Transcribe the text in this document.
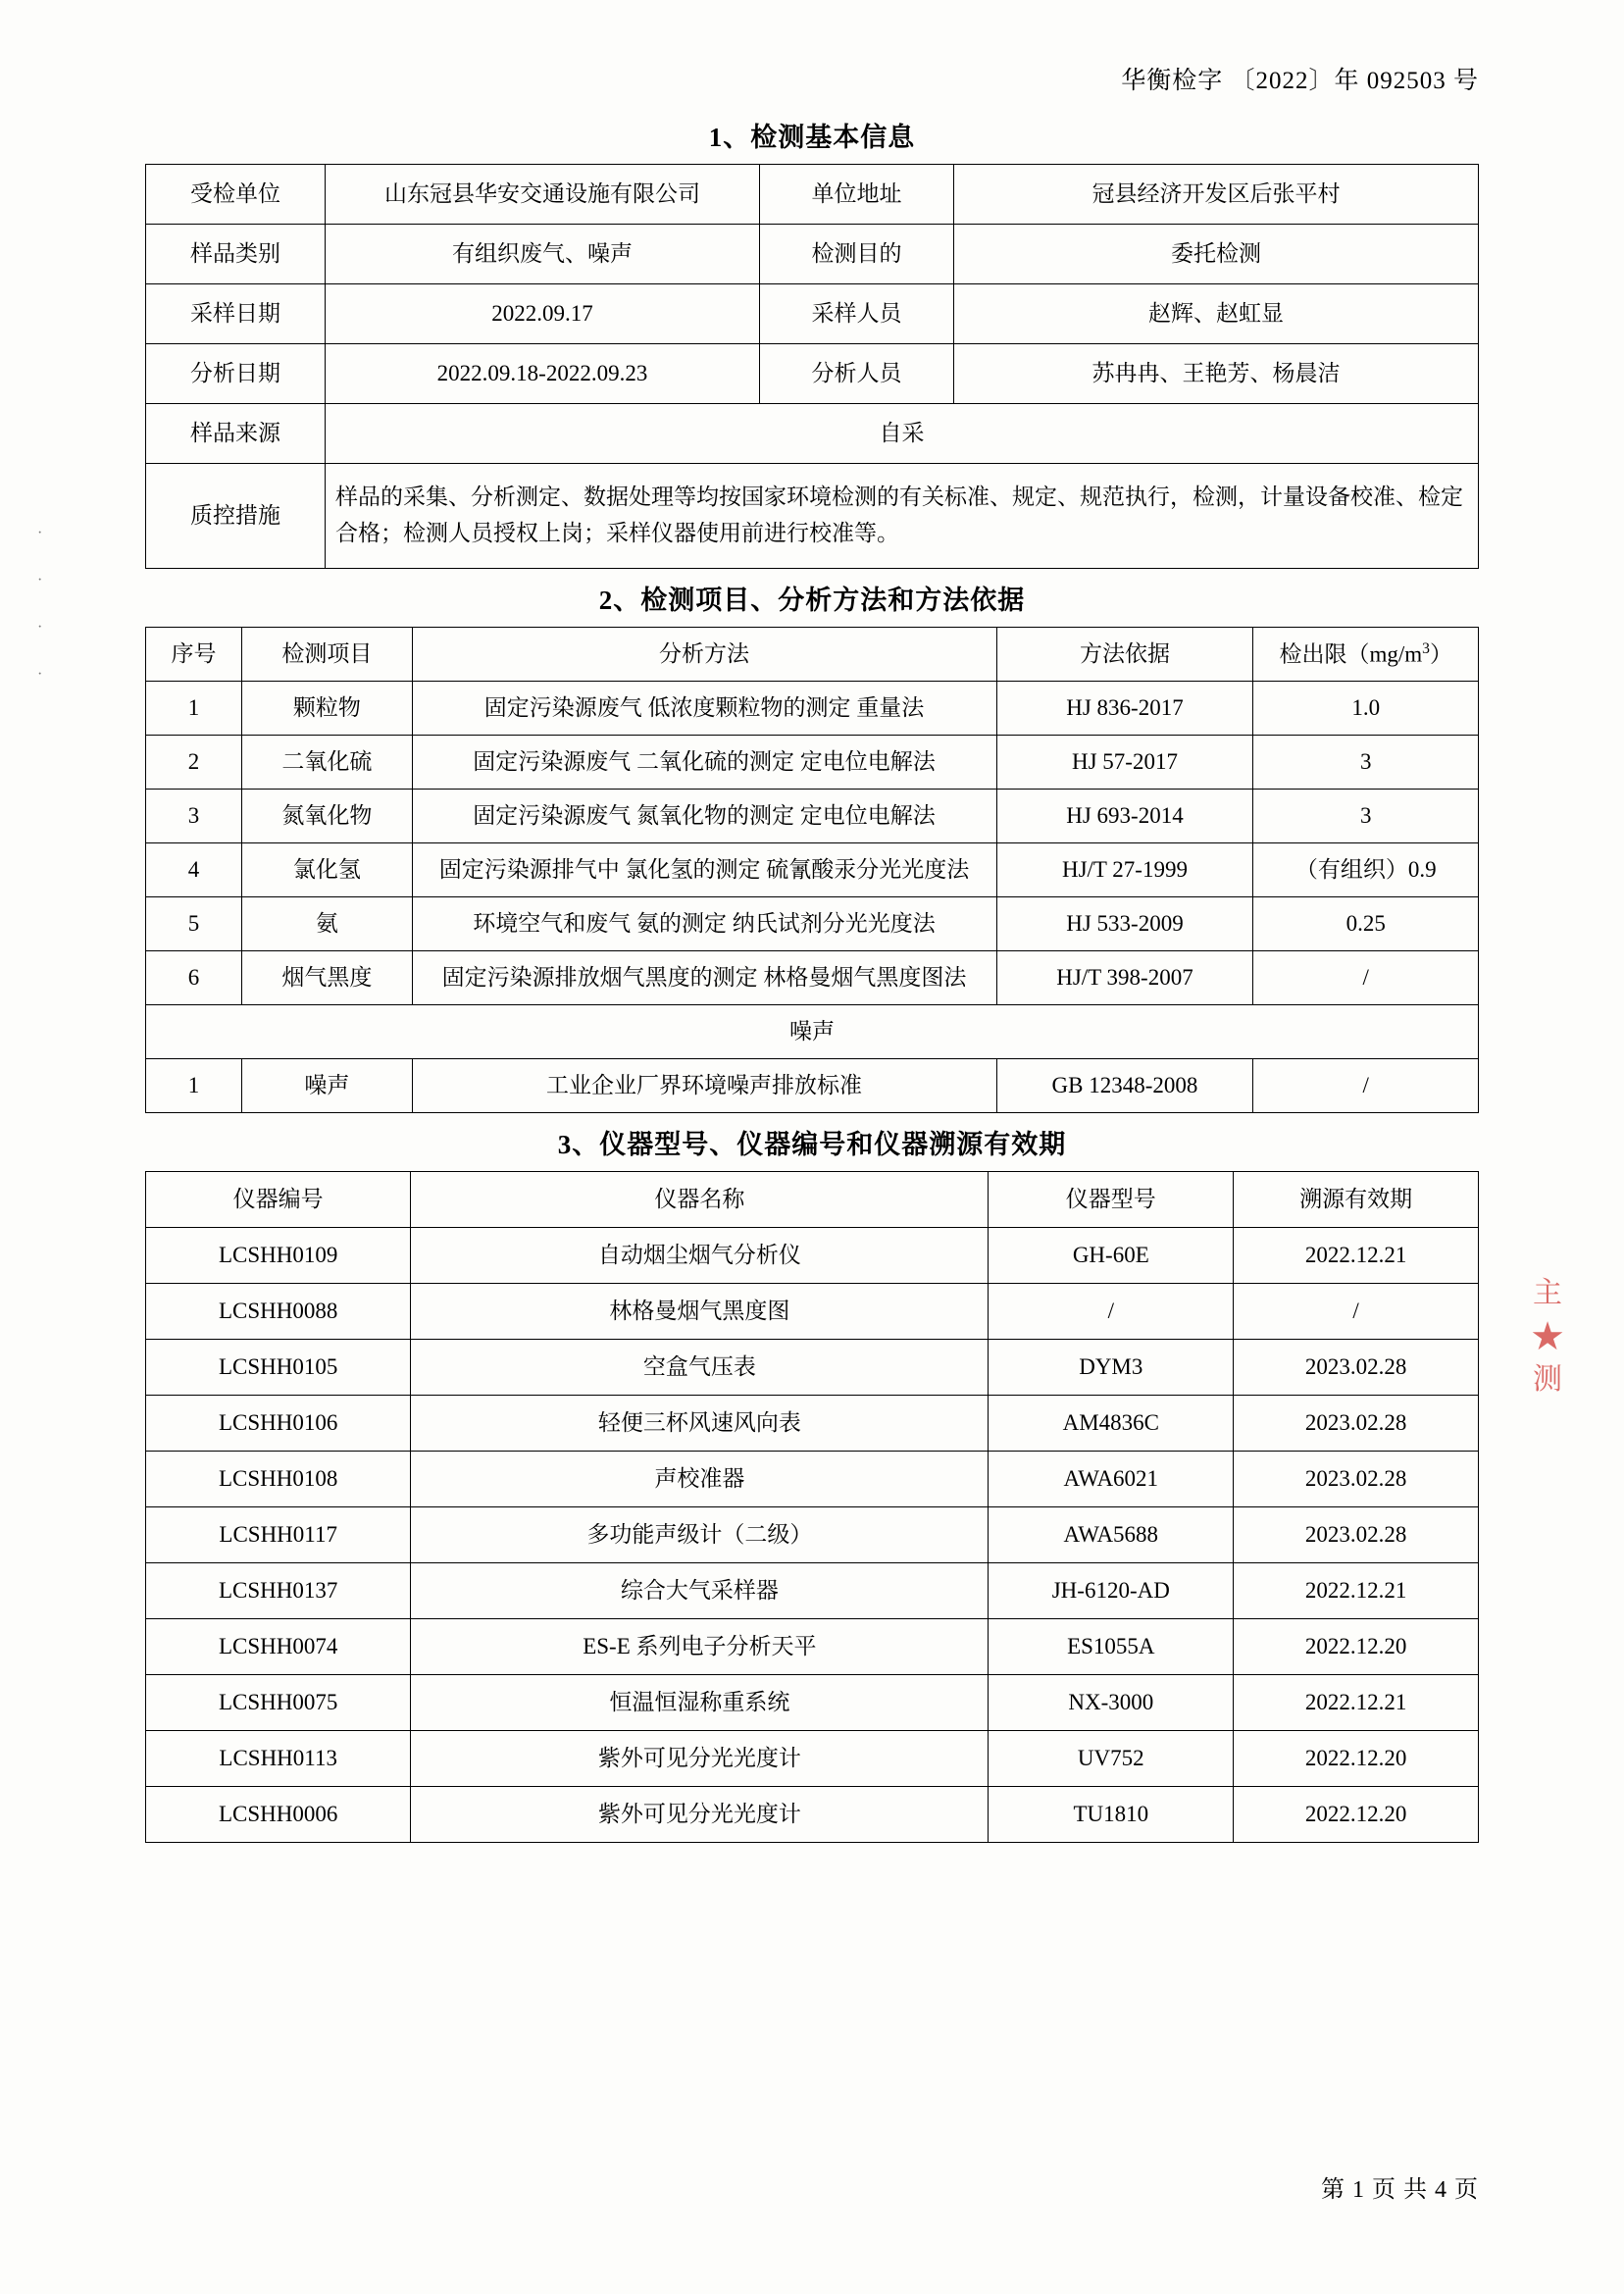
华衡检字 〔2022〕年 092503 号
·
·
·
·
主
★
测
1、检测基本信息
受检单位	山东冠县华安交通设施有限公司	单位地址	冠县经济开发区后张平村
样品类别	有组织废气、噪声	检测目的	委托检测
采样日期	2022.09.17	采样人员	赵辉、赵虹显
分析日期	2022.09.18-2022.09.23	分析人员	苏冉冉、王艳芳、杨晨洁
样品来源	自采		
质控措施	样品的采集、分析测定、数据处理等均按国家环境检测的有关标准、规定、规范执行，检测，计量设备校准、检定合格；检测人员授权上岗；采样仪器使用前进行校准等。		
2、检测项目、分析方法和方法依据
序号	检测项目	分析方法	方法依据	检出限$(mg/m^3)$
1	颗粒物	固定污染源废气 低浓度颗粒物的测定 重量法	HJ 836-2017	1.0
2	二氧化硫	固定污染源废气 二氧化硫的测定 定电位电解法	HJ 57-2017	3
3	氮氧化物	固定污染源废气 氮氧化物的测定 定电位电解法	HJ 693-2014	3
4	氯化氢	固定污染源排气中 氯化氢的测定 硫氰酸汞分光光度法	HJ/T 27-1999	（有组织）0.9
5	氨	环境空气和废气 氨的测定 纳氏试剂分光光度法	HJ 533-2009	0.25
6	烟气黑度	固定污染源排放烟气黑度的测定 林格曼烟气黑度图法	HJ/T 398-2007	/
噪声				
1	噪声	工业企业厂界环境噪声排放标准	GB 12348-2008	/
3、仪器型号、仪器编号和仪器溯源有效期
仪器编号	仪器名称	仪器型号	溯源有效期
LCSHH0109	自动烟尘烟气分析仪	GH-60E	2022.12.21
LCSHH0088	林格曼烟气黑度图	/	/
LCSHH0105	空盒气压表	DYM3	2023.02.28
LCSHH0106	轻便三杯风速风向表	AM4836C	2023.02.28
LCSHH0108	声校准器	AWA6021	2023.02.28
LCSHH0117	多功能声级计（二级）	AWA5688	2023.02.28
LCSHH0137	综合大气采样器	JH-6120-AD	2022.12.21
LCSHH0074	ES-E 系列电子分析天平	ES1055A	2022.12.20
LCSHH0075	恒温恒湿称重系统	NX-3000	2022.12.21
LCSHH0113	紫外可见分光光度计	UV752	2022.12.20
LCSHH0006	紫外可见分光光度计	TU1810	2022.12.20
第 1 页 共 4 页
